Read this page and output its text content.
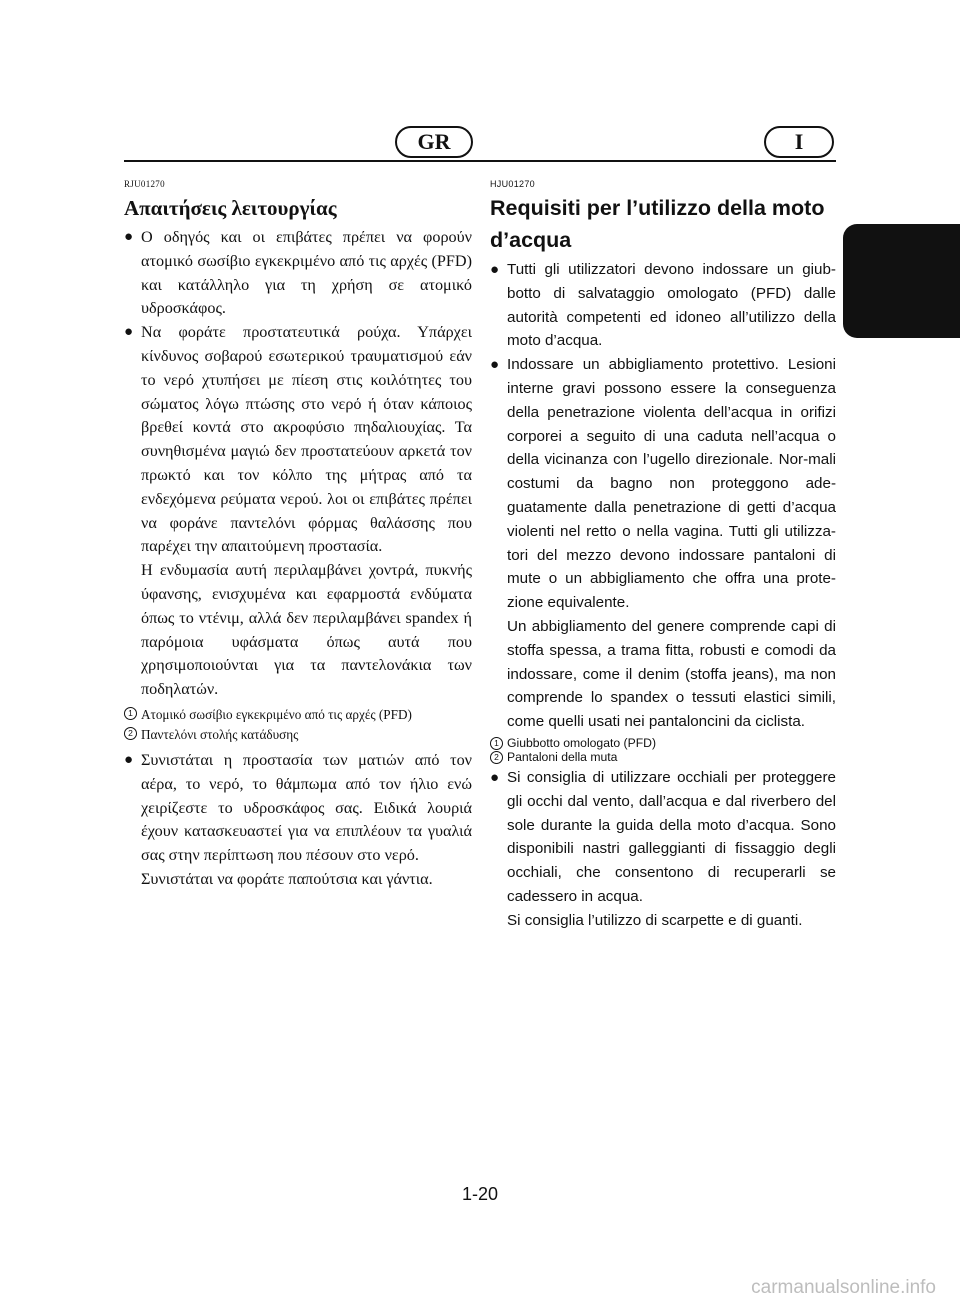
GR	I
RJU01270
Απαιτήσεις λειτουργίας
● Ο οδηγός και οι επιβάτες πρέπει να φορούν ατομικό σωσίβιο εγκεκριμένο από τις αρχές (PFD) και κατάλληλο για τη χρήση σε ατομικό υδροσκάφος.
● Να φοράτε προστατευτικά ρούχα. Υπάρχει κίνδυνος σοβαρού εσωτερικού τραυματισμού εάν το νερό χτυπήσει με πίεση στις κοιλότητες του σώματος λόγω πτώσης στο νερό ή όταν κάποιος βρεθεί κοντά στο ακροφύσιο πηδαλιουχίας. Τα συνηθισμένα μαγιώ δεν προστατεύουν αρκετά τον πρωκτό και τον κόλπο της μήτρας από τα ενδεχόμενα ρεύματα νερού. λοι οι επιβάτες πρέπει να φοράνε παντελόνι φόρμας θαλάσσης που παρέχει την απαιτούμενη προστασία.
Η ενδυμασία αυτή περιλαμβάνει χοντρά, πυκνής ύφανσης, ενισχυμένα και εφαρμοστά ενδύματα όπως το ντένιμ, αλλά δεν περιλαμβάνει spandex ή παρόμοια υφάσματα όπως αυτά που χρησιμοποιούνται για τα παντελονάκια των ποδηλατών.
1 Ατομικό σωσίβιο εγκεκριμένο από τις αρχές (PFD)
2 Παντελόνι στολής κατάδυσης
● Συνιστάται η προστασία των ματιών από τον αέρα, το νερό, το θάμπωμα από τον ήλιο ενώ χειρίζεστε το υδροσκάφος σας. Ειδικά λουριά έχουν κατασκευαστεί για να επιπλέουν τα γυαλιά σας στην περίπτωση που πέσουν στο νερό.
Συνιστάται να φοράτε παπούτσια και γάντια.
HJU01270
Requisiti per l’utilizzo della moto d’acqua
● Tutti gli utilizzatori devono indossare un giub-botto di salvataggio omologato (PFD) dalle autorità competenti ed idoneo all’utilizzo della moto d’acqua.
● Indossare un abbigliamento protettivo. Lesioni interne gravi possono essere la conseguenza della penetrazione violenta dell’acqua in orifizi corporei a seguito di una caduta nell’acqua o della vicinanza con l’ugello direzionale. Nor-mali costumi da bagno non proteggono ade-guatamente dalla penetrazione di getti d’acqua violenti nel retto o nella vagina. Tutti gli utilizza-tori del mezzo devono indossare pantaloni di mute o un abbigliamento che offra una prote-zione equivalente.
Un abbigliamento del genere comprende capi di stoffa spessa, a trama fitta, robusti e comodi da indossare, come il denim (stoffa jeans), ma non comprende lo spandex o tessuti elastici simili, come quelli usati nei pantaloncini da ciclista.
1 Giubbotto omologato (PFD)
2 Pantaloni della muta
● Si consiglia di utilizzare occhiali per proteggere gli occhi dal vento, dall’acqua e dal riverbero del sole durante la guida della moto d’acqua. Sono disponibili nastri galleggianti di fissaggio degli occhiali, che consentono di recuperarli se cadessero in acqua.
Si consiglia l’utilizzo di scarpette e di guanti.
1-20
carmanualsonline.info
